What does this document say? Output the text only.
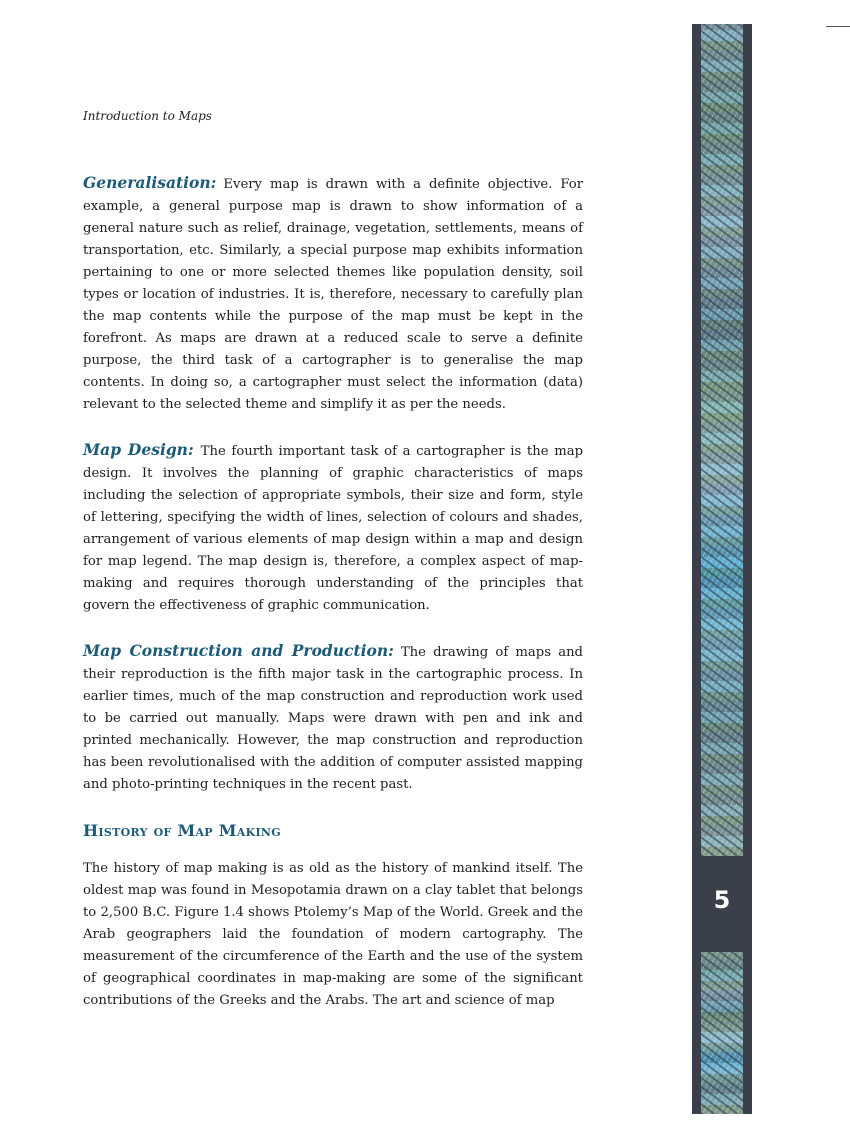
Introduction to Maps

Generalisation: Every map is drawn with a definite objective. For example, a general purpose map is drawn to show information of a general nature such as relief, drainage, vegetation, settlements, means of transportation, etc. Similarly, a special purpose map exhibits information pertaining to one or more selected themes like population density, soil types or location of industries. It is, therefore, necessary to carefully plan the map contents while the purpose of the map must be kept in the forefront. As maps are drawn at a reduced scale to serve a definite purpose, the third task of a cartographer is to generalise the map contents. In doing so, a cartographer must select the information (data) relevant to the selected theme and simplify it as per the needs.

Map Design: The fourth important task of a cartographer is the map design. It involves the planning of graphic characteristics of maps including the selection of appropriate symbols, their size and form, style of lettering, specifying the width of lines, selection of colours and shades, arrangement of various elements of map design within a map and design for map legend. The map design is, therefore, a complex aspect of map-making and requires thorough understanding of the principles that govern the effectiveness of graphic communication.

Map Construction and Production: The drawing of maps and their reproduction is the fifth major task in the cartographic process. In earlier times, much of the map construction and reproduction work used to be carried out manually. Maps were drawn with pen and ink and printed mechanically. However, the map construction and reproduction has been revolutionalised with the addition of computer assisted mapping and photo-printing techniques in the recent past.

History of Map Making

The history of map making is as old as the history of mankind itself. The oldest map was found in Mesopotamia drawn on a clay tablet that belongs to 2,500 B.C. Figure 1.4 shows Ptolemy’s Map of the World. Greek and the Arab geographers laid the foundation of modern cartography. The measurement of the circumference of the Earth and the use of the system of geographical coordinates in map-making are some of the significant contributions of the Greeks and the Arabs. The art and science of map

5
